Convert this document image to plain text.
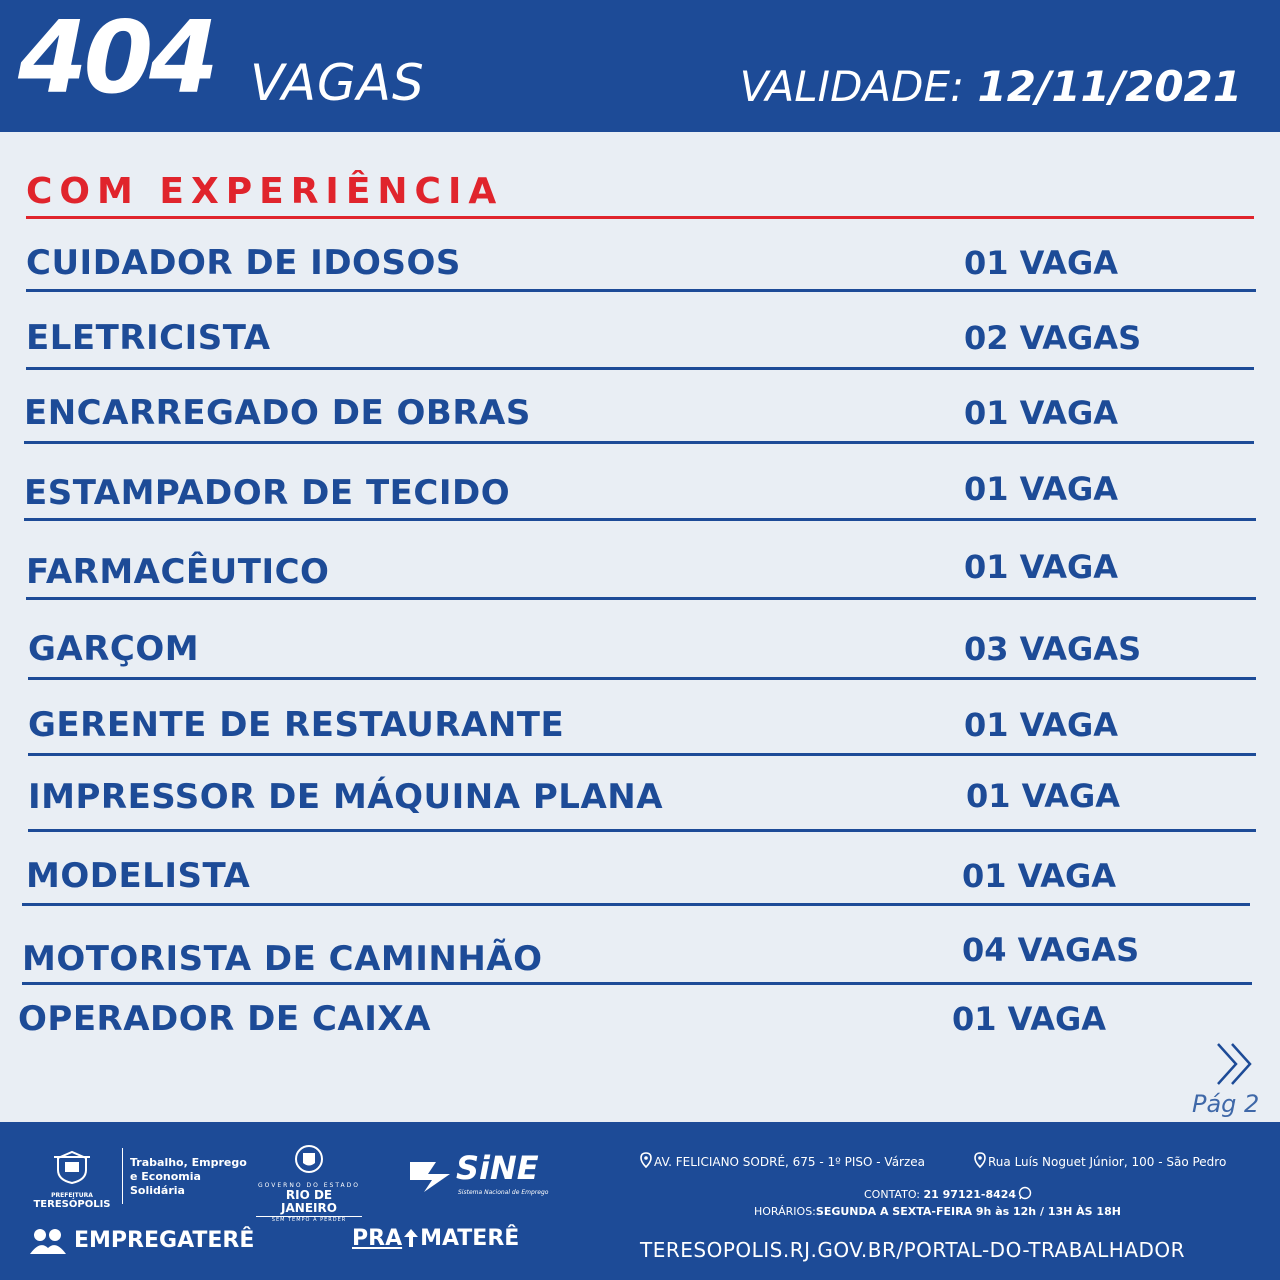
404 VAGAS	VALIDADE: 12/11/2021
COM EXPERIÊNCIA
CUIDADOR DE IDOSOS	01 VAGA
ELETRICISTA	02 VAGAS
ENCARREGADO DE OBRAS	01 VAGA
ESTAMPADOR DE TECIDO	01 VAGA
FARMACÊUTICO	01 VAGA
GARÇOM	03 VAGAS
GERENTE DE RESTAURANTE	01 VAGA
IMPRESSOR DE MÁQUINA PLANA	01 VAGA
MODELISTA	01 VAGA
MOTORISTA DE CAMINHÃO	04 VAGAS
OPERADOR DE CAIXA	01 VAGA
Pág 2
PREFEITURA
TERESÓPOLIS
Trabalho, Emprego
e Economia
Solidária	GOVERNO DO ESTADO
RIO DE JANEIRO
SEM TEMPO A PERDER
SiNE
Sistema Nacional de Emprego
EMPREGATERÊ	PRA MATERÊ
AV. FELICIANO SODRÉ, 675 - 1º PISO - Várzea	Rua Luís Noguet Júnior, 100 - São Pedro
CONTATO: 21 97121-8424
HORÁRIOS:SEGUNDA A SEXTA-FEIRA 9h às 12h / 13H ÀS 18H
TERESOPOLIS.RJ.GOV.BR/PORTAL-DO-TRABALHADOR
